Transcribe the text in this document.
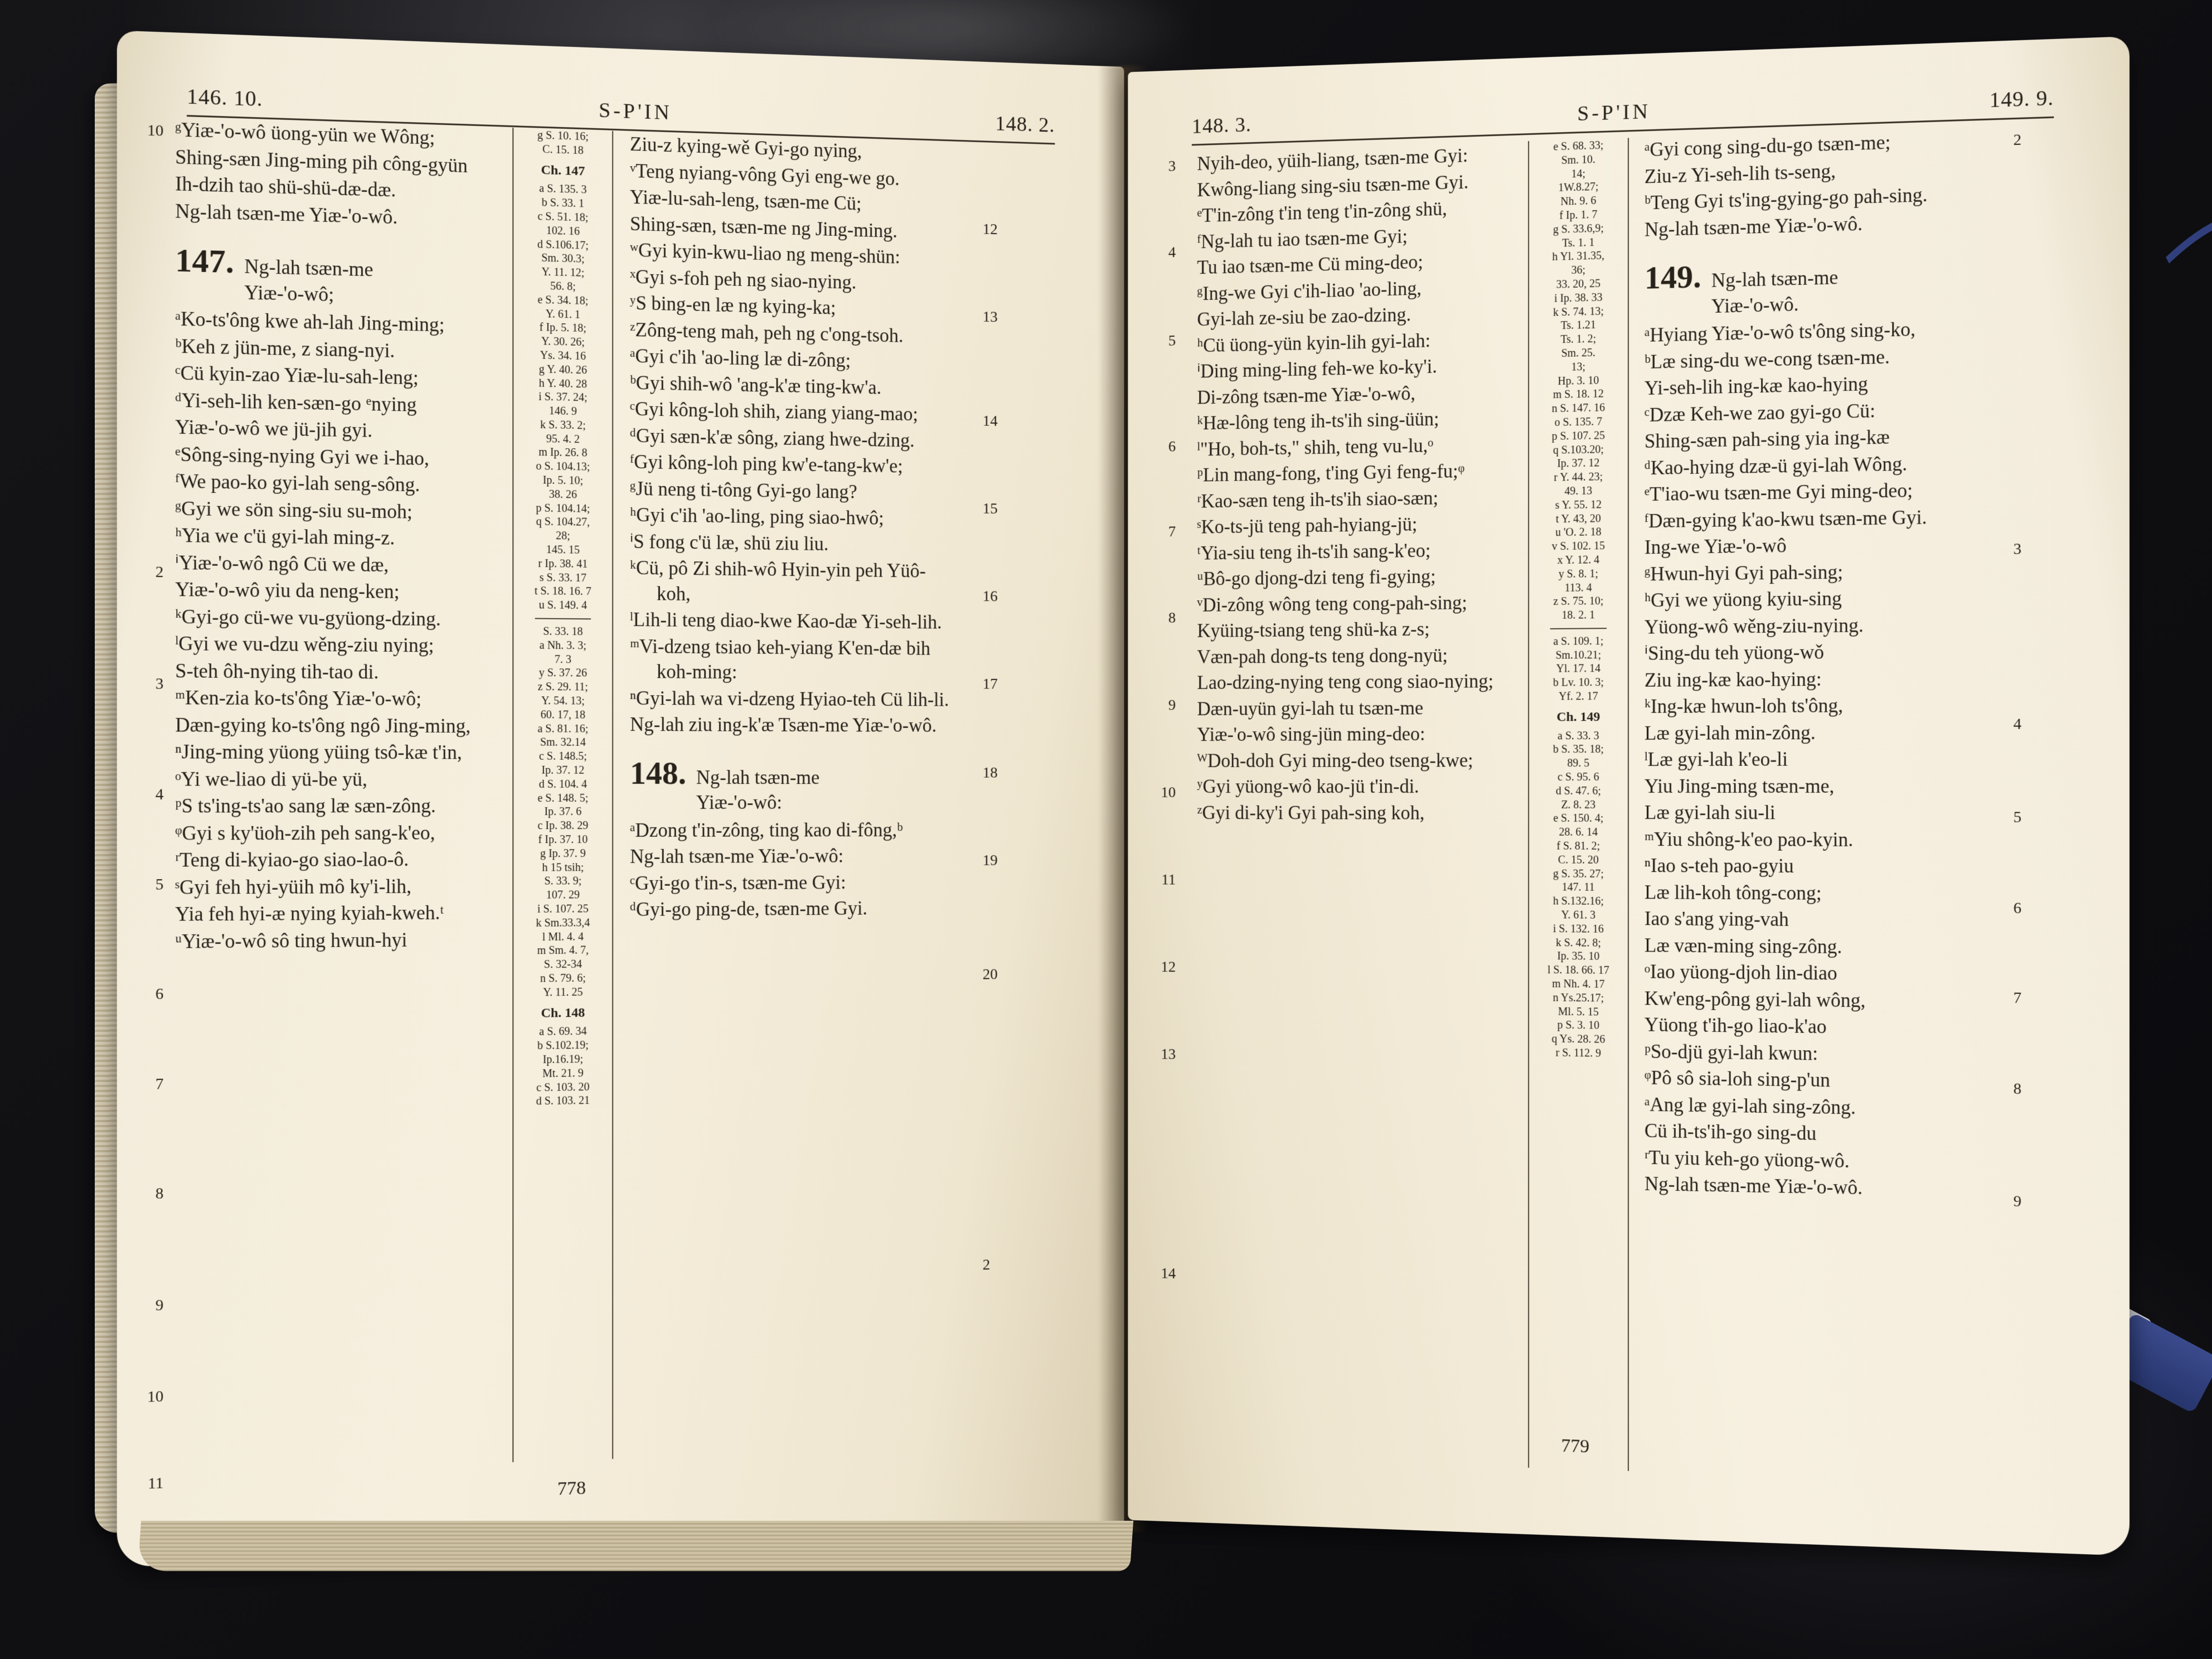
146. 10.
S-P'IN
148. 2.
10
2
3
4
5
6
7
8
9
10
11

ᵍYiæ-'o-wô üong-yün we Wông;

Shing-sæn Jing-ming pih công-gyün

Ih-dzih tao shü-shü-dæ-dæ.

Ng-lah tsæn-me Yiæ-'o-wô.

147. Ng-lah tsæn-me
Yiæ-'o-wô;

ᵃKo-ts'ông kwe ah-lah Jing-ming;

ᵇKeh z jün-me, z siang-nyi.

ᶜCü kyin-zao Yiæ-lu-sah-leng;

ᵈYi-seh-lih ken-sæn-go ᵉnying

Yiæ-'o-wô we jü-jih gyi.

ᵉSông-sing-nying Gyi we i-hao,

ᶠWe pao-ko gyi-lah seng-sông.

ᵍGyi we sön sing-siu su-moh;

ʰYia we c'ü gyi-lah ming-z.

ⁱYiæ-'o-wô ngô Cü we dæ,

Yiæ-'o-wô yiu da neng-ken;

ᵏGyi-go cü-we vu-gyüong-dzing.

ˡGyi we vu-dzu wěng-ziu nying;

S-teh ôh-nying tih-tao di.

ᵐKen-zia ko-ts'ông Yiæ-'o-wô;

Dæn-gying ko-ts'ông ngô Jing-ming,

ⁿJing-ming yüong yüing tsô-kæ t'in,

ᵒYi we-liao di yü-be yü,

ᵖS ts'ing-ts'ao sang læ sæn-zông.

ᵠGyi s ky'üoh-zih peh sang-k'eo,

ʳTeng di-kyiao-go siao-lao-ô.

ˢGyi feh hyi-yüih mô ky'i-lih,

Yia feh hyi-æ nying kyiah-kweh.ᵗ

ᵘYiæ-'o-wô sô ting hwun-hyi

g S. 10. 16;
C. 15. 18
Ch. 147
a S. 135. 3
b S. 33. 1
c S. 51. 18;
102. 16
d S.106.17;
Sm. 30.3;
Y. 11. 12;
56. 8;
e S. 34. 18;
Y. 61. 1
f Ip. 5. 18;
Y. 30. 26;
Ys. 34. 16
g Y. 40. 26
h Y. 40. 28
i S. 37. 24;
146. 9
k S. 33. 2;
95. 4. 2
m Ip. 26. 8
o S. 104.13;
Ip. 5. 10;
38. 26
p S. 104.14;
q S. 104.27,
28;
145. 15
r Ip. 38. 41
s S. 33. 17
t S. 18. 16. 7
u S. 149. 4
S. 33. 18
a Nh. 3. 3;
7. 3
y S. 37. 26
z S. 29. 11;
Y. 54. 13;
60. 17, 18
a S. 81. 16;
Sm. 32.14
c S. 148.5;
Ip. 37. 12
d S. 104. 4
e S. 148. 5;
Ip. 37. 6
c Ip. 38. 29
f Ip. 37. 10
g Ip. 37. 9
h 15 tsih;
S. 33. 9;
107. 29
i S. 107. 25
k Sm.33.3,4
l Ml. 4. 4
m Sm. 4. 7,
S. 32-34
n S. 79. 6;
Y. 11. 25
Ch. 148
a S. 69. 34
b S.102.19;
Ip.16.19;
Mt. 21. 9
c S. 103. 20
d S. 103. 21

Ziu-z kying-wě Gyi-go nying,

ᵛTeng nyiang-vông Gyi eng-we go.

Yiæ-lu-sah-leng, tsæn-me Cü;

Shing-sæn, tsæn-me ng Jing-ming.

ʷGyi kyin-kwu-liao ng meng-shün:

ˣGyi s-foh peh ng siao-nying.

ʸS bing-en læ ng kying-ka;

ᶻZông-teng mah, peh ng c'ong-tsoh.

ᵃGyi c'ih 'ao-ling læ di-zông;

ᵇGyi shih-wô 'ang-k'æ ting-kw'a.

ᶜGyi kông-loh shih, ziang yiang-mao;

ᵈGyi sæn-k'æ sông, ziang hwe-dzing.

ᶠGyi kông-loh ping kw'e-tang-kw'e;

ᵍJü neng ti-tông Gyi-go lang?

ʰGyi c'ih 'ao-ling, ping siao-hwô;

ⁱS fong c'ü læ, shü ziu liu.

ᵏCü, pô Zi shih-wô Hyin-yin peh Yüô-koh,

ˡLih-li teng diao-kwe Kao-dæ Yi-seh-lih.

ᵐVi-dzeng tsiao keh-yiang K'en-dæ bih koh-ming:

ⁿGyi-lah wa vi-dzeng Hyiao-teh Cü lih-li.

Ng-lah ziu ing-k'æ Tsæn-me Yiæ-'o-wô.

148. Ng-lah tsæn-me
Yiæ-'o-wô:

ᵃDzong t'in-zông, ting kao di-fông,ᵇ

Ng-lah tsæn-me Yiæ-'o-wô:

ᶜGyi-go t'in-s, tsæn-me Gyi:

ᵈGyi-go ping-de, tsæn-me Gyi.

12
13
14
15
16
17
18
19
20
2
778
148. 3.
S-P'IN
149. 9.
3
4
5
6
7
8
9
10
11
12
13
14

Nyih-deo, yüih-liang, tsæn-me Gyi:

Kwông-liang sing-siu tsæn-me Gyi.

ᵉT'in-zông t'in teng t'in-zông shü,

ᶠNg-lah tu iao tsæn-me Gyi;

Tu iao tsæn-me Cü ming-deo;

ᵍIng-we Gyi c'ih-liao 'ao-ling,

Gyi-lah ze-siu be zao-dzing.

ʰCü üong-yün kyin-lih gyi-lah:

ⁱDing ming-ling feh-we ko-ky'i.

Di-zông tsæn-me Yiæ-'o-wô,

ᵏHæ-lông teng ih-ts'ih sing-üün;

ˡ"Ho, boh-ts," shih, teng vu-lu,ᵒ

ᵖLin mang-fong, t'ing Gyi feng-fu;ᵠ

ʳKao-sæn teng ih-ts'ih siao-sæn;

ˢKo-ts-jü teng pah-hyiang-jü;

ᵗYia-siu teng ih-ts'ih sang-k'eo;

ᵘBô-go djong-dzi teng fi-gying;

ᵛDi-zông wông teng cong-pah-sing;

Kyüing-tsiang teng shü-ka z-s;

Væn-pah dong-ts teng dong-nyü;

Lao-dzing-nying teng cong siao-nying;

Dæn-uyün gyi-lah tu tsæn-me

Yiæ-'o-wô sing-jün ming-deo:

ᵂDoh-doh Gyi ming-deo tseng-kwe;

ʸGyi yüong-wô kao-jü t'in-di.

ᶻGyi di-ky'i Gyi pah-sing koh,

e S. 68. 33;
Sm. 10.
14;
1W.8.27;
Nh. 9. 6
f Ip. 1. 7
g S. 33.6,9;
Ts. 1. 1
h Yl. 31.35,
36;
33. 20, 25
i Ip. 38. 33
k S. 74. 13;
Ts. 1.21
Ts. 1. 2;
Sm. 25.
13;
Hp. 3. 10
m S. 18. 12
n S. 147. 16
o S. 135. 7
p S. 107. 25
q S.103.20;
Ip. 37. 12
r Y. 44. 23;
49. 13
s Y. 55. 12
t Y. 43, 20
u 'O. 2. 18
v S. 102. 15
x Y. 12. 4
y S. 8. 1;
113. 4
z S. 75. 10;
18. 2. 1
a S. 109. 1;
Sm.10.21;
Yl. 17. 14
b Lv. 10. 3;
Yf. 2. 17
Ch. 149
a S. 33. 3
b S. 35. 18;
89. 5
c S. 95. 6
d S. 47. 6;
Z. 8. 23
e S. 150. 4;
28. 6. 14
f S. 81. 2;
C. 15. 20
g S. 35. 27;
147. 11
h S.132.16;
Y. 61. 3
i S. 132. 16
k S. 42. 8;
Ip. 35. 10
l S. 18. 66. 17
m Nh. 4. 17
n Ys.25.17;
Ml. 5. 15
p S. 3. 10
q Ys. 28. 26
r S. 112. 9

ᵃGyi cong sing-du-go tsæn-me;

Ziu-z Yi-seh-lih ts-seng,

ᵇTeng Gyi ts'ing-gying-go pah-sing.

Ng-lah tsæn-me Yiæ-'o-wô.

149. Ng-lah tsæn-me
Yiæ-'o-wô.

ᵃHyiang Yiæ-'o-wô ts'ông sing-ko,

ᵇLæ sing-du we-cong tsæn-me.

Yi-seh-lih ing-kæ kao-hying

ᶜDzæ Keh-we zao gyi-go Cü:

Shing-sæn pah-sing yia ing-kæ

ᵈKao-hying dzæ-ü gyi-lah Wông.

ᵉT'iao-wu tsæn-me Gyi ming-deo;

ᶠDæn-gying k'ao-kwu tsæn-me Gyi.

Ing-we Yiæ-'o-wô

ᵍHwun-hyi Gyi pah-sing;

ʰGyi we yüong kyiu-sing

Yüong-wô wěng-ziu-nying.

ⁱSing-du teh yüong-wǒ

Ziu ing-kæ kao-hying:

ᵏIng-kæ hwun-loh ts'ông,

Læ gyi-lah min-zông.

ˡLæ gyi-lah k'eo-li

Yiu Jing-ming tsæn-me,

Læ gyi-lah siu-li

ᵐYiu shông-k'eo pao-kyin.

ⁿIao s-teh pao-gyiu

Læ lih-koh tông-cong;

Iao s'ang ying-vah

Læ væn-ming sing-zông.

ᵒIao yüong-djoh lin-diao

Kw'eng-pông gyi-lah wông,

Yüong t'ih-go liao-k'ao

ᵖSo-djü gyi-lah kwun:

ᵠPô sô sia-loh sing-p'un

ᵃAng læ gyi-lah sing-zông.

Cü ih-ts'ih-go sing-du

ʳTu yiu keh-go yüong-wô.

Ng-lah tsæn-me Yiæ-'o-wô.

2
3
4
5
6
7
8
9
779
